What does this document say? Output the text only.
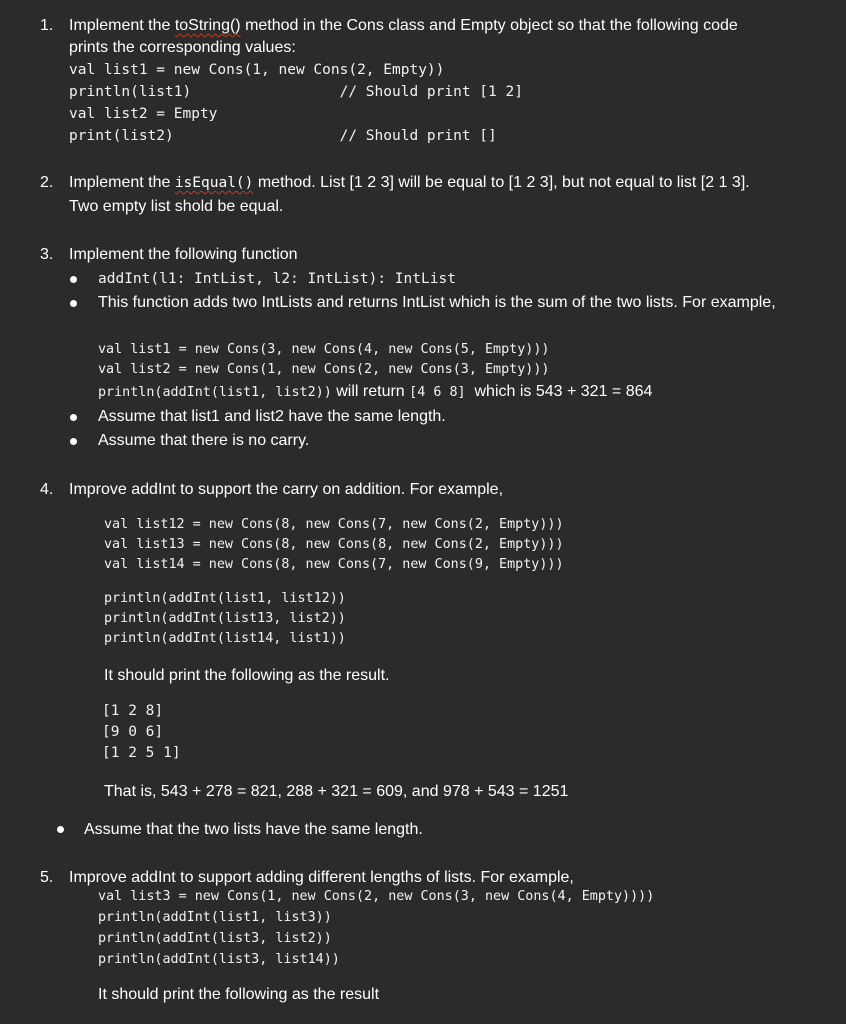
1. Implement the toString() method in the Cons class and Empty object so that the following code
prints the corresponding values:
val list1 = new Cons(1, new Cons(2, Empty))
println(list1)                 // Should print [1 2]
val list2 = Empty
print(list2)                   // Should print []
2. Implement the isEqual() method. List [1 2 3] will be equal to [1 2 3], but not equal to list [2 1 3].
Two empty list shold be equal.
3. Implement the following function
addInt(l1: IntList, l2: IntList): IntList
This function adds two IntLists and returns IntList which is the sum of the two lists. For example,
val list1 = new Cons(3, new Cons(4, new Cons(5, Empty)))
val list2 = new Cons(1, new Cons(2, new Cons(3, Empty)))
println(addInt(list1, list2)) will return [4 6 8]  which is 543 + 321 = 864
Assume that list1 and list2 have the same length.
Assume that there is no carry.
4. Improve addInt to support the carry on addition. For example,
val list12 = new Cons(8, new Cons(7, new Cons(2, Empty)))
val list13 = new Cons(8, new Cons(8, new Cons(2, Empty)))
val list14 = new Cons(8, new Cons(7, new Cons(9, Empty)))
println(addInt(list1, list12))
println(addInt(list13, list2))
println(addInt(list14, list1))
It should print the following as the result.
[1 2 8]
[9 0 6]
[1 2 5 1]
That is, 543 + 278 = 821, 288 + 321 = 609, and 978 + 543 = 1251
Assume that the two lists have the same length.
5. Improve addInt to support adding different lengths of lists. For example,
val list3 = new Cons(1, new Cons(2, new Cons(3, new Cons(4, Empty))))
println(addInt(list1, list3))
println(addInt(list3, list2))
println(addInt(list3, list14))
It should print the following as the result
